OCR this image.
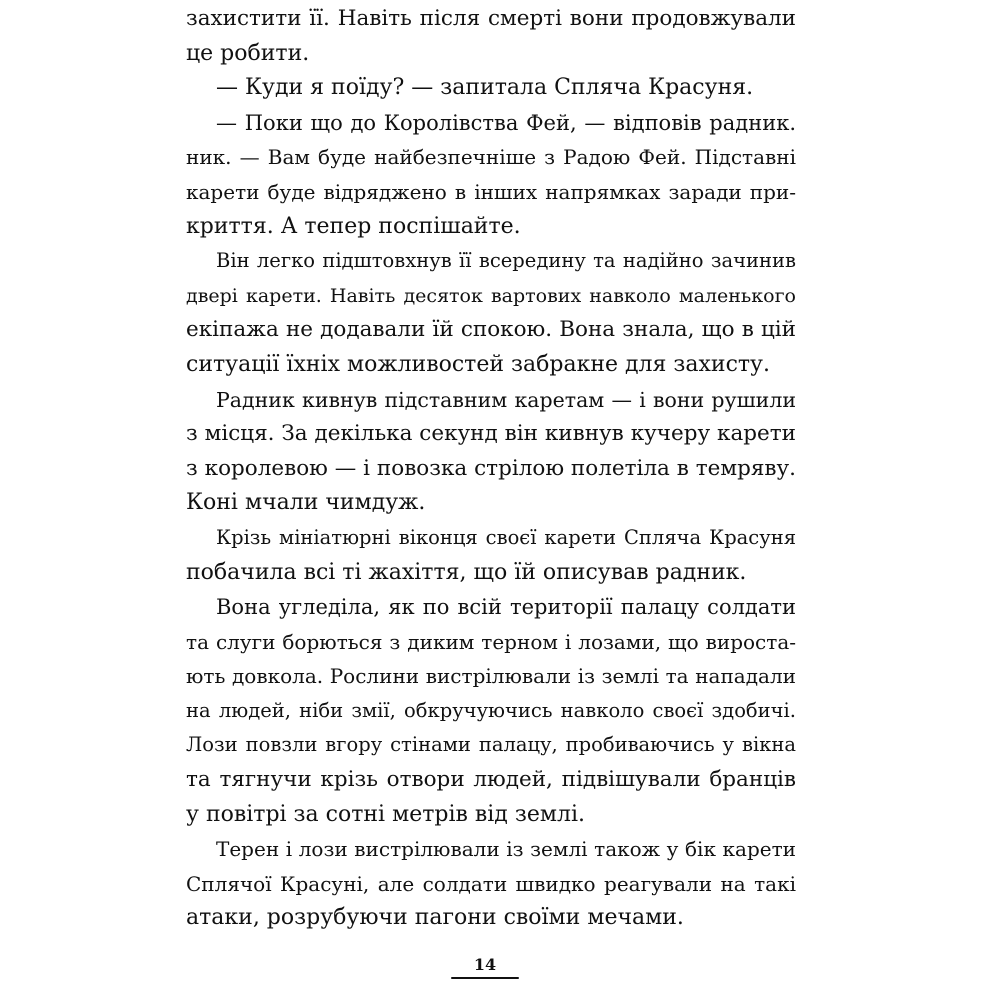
захистити її. Навіть після смерті вони продовжували
це робити.
— Куди я поїду? — запитала Спляча Красуня.
— Поки що до Королівства Фей, — відповів радник.
ник. — Вам буде найбезпечніше з Радою Фей. Підставні
карети буде відряджено в інших напрямках заради при-
криття. А тепер поспішайте.
Він легко підштовхнув її всередину та надійно зачинив
двері карети. Навіть десяток вартових навколо маленького
екіпажа не додавали їй спокою. Вона знала, що в цій
ситуації їхніх можливостей забракне для захисту.
Радник кивнув підставним каретам — і вони рушили
з місця. За декілька секунд він кивнув кучеру карети
з королевою — і повозка стрілою полетіла в темряву.
Коні мчали чимдуж.
Крізь мініатюрні віконця своєї карети Спляча Красуня
побачила всі ті жахіття, що їй описував радник.
Вона угледіла, як по всій території палацу солдати
та слуги борються з диким терном і лозами, що вироста-
ють довкола. Рослини вистрілювали із землі та нападали
на людей, ніби змії, обкручуючись навколо своєї здобичі.
Лози повзли вгору стінами палацу, пробиваючись у вікна
та тягнучи крізь отвори людей, підвішували бранців
у повітрі за сотні метрів від землі.
Терен і лози вистрілювали із землі також у бік карети
Сплячої Красуні, але солдати швидко реагували на такі
атаки, розрубуючи пагони своїми мечами.
14
